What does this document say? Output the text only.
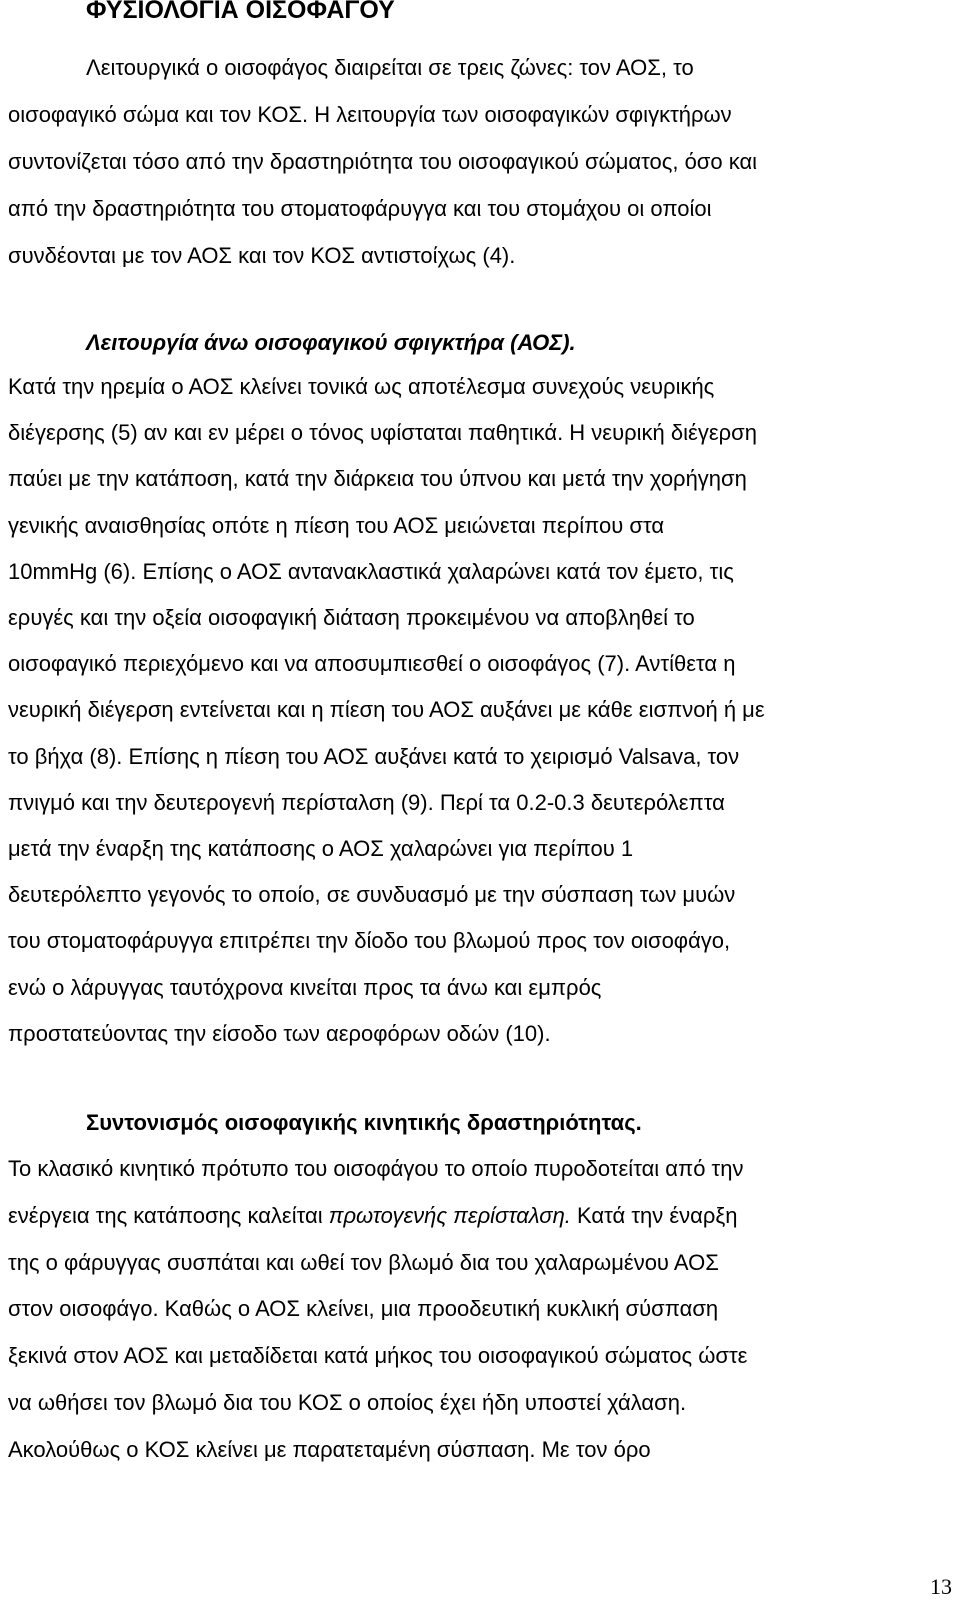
ΦΥΣΙΟΛΟΓΙΑ ΟΙΣΟΦΑΓΟΥ

Λειτουργικά ο οισοφάγος διαιρείται σε τρεις ζώνες: τον ΑΟΣ, το
οισοφαγικό σώμα και τον ΚΟΣ. Η λειτουργία των οισοφαγικών σφιγκτήρων
συντονίζεται τόσο από την δραστηριότητα του οισοφαγικού σώματος, όσο και
από την δραστηριότητα του στοματοφάρυγγα και του στομάχου οι οποίοι
συνδέονται με τον ΑΟΣ και τον ΚΟΣ αντιστοίχως (4).

Λειτουργία άνω οισοφαγικού σφιγκτήρα (ΑΟΣ).

Κατά την ηρεμία ο ΑΟΣ κλείνει τονικά ως αποτέλεσμα συνεχούς νευρικής
διέγερσης (5) αν και εν μέρει ο τόνος υφίσταται παθητικά. Η νευρική διέγερση
παύει με την κατάποση, κατά την διάρκεια του ύπνου και μετά την χορήγηση
γενικής αναισθησίας οπότε η πίεση του ΑΟΣ μειώνεται περίπου στα
10mmHg (6). Επίσης ο ΑΟΣ αντανακλαστικά χαλαρώνει κατά τον έμετο, τις
ερυγές και την οξεία οισοφαγική διάταση προκειμένου να αποβληθεί το
οισοφαγικό περιεχόμενο και να αποσυμπιεσθεί ο οισοφάγος (7). Αντίθετα η
νευρική διέγερση εντείνεται και η πίεση του ΑΟΣ αυξάνει με κάθε εισπνοή ή με
το βήχα (8). Επίσης η πίεση του ΑΟΣ αυξάνει κατά το χειρισμό Valsava, τον
πνιγμό και την δευτερογενή περίσταλση (9). Περί τα 0.2-0.3 δευτερόλεπτα
μετά την έναρξη της κατάποσης ο ΑΟΣ χαλαρώνει για περίπου 1
δευτερόλεπτο γεγονός το οποίο, σε συνδυασμό με την σύσπαση των μυών
του στοματοφάρυγγα επιτρέπει την δίοδο του βλωμού προς τον οισοφάγο,
ενώ ο λάρυγγας ταυτόχρονα κινείται προς τα άνω και εμπρός
προστατεύοντας την είσοδο των αεροφόρων οδών (10).

Συντονισμός οισοφαγικής κινητικής δραστηριότητας.

Το κλασικό κινητικό πρότυπο του οισοφάγου το οποίο πυροδοτείται από την
ενέργεια της κατάποσης καλείται πρωτογενής περίσταλση. Κατά την έναρξη
της ο φάρυγγας συσπάται και ωθεί τον βλωμό δια του χαλαρωμένου ΑΟΣ
στον οισοφάγο. Καθώς ο ΑΟΣ κλείνει, μια προοδευτική κυκλική σύσπαση
ξεκινά στον ΑΟΣ και μεταδίδεται κατά μήκος του οισοφαγικού σώματος ώστε
να ωθήσει τον βλωμό δια του ΚΟΣ ο οποίος έχει ήδη υποστεί χάλαση.
Ακολούθως ο ΚΟΣ κλείνει με παρατεταμένη σύσπαση. Με τον όρο

13
